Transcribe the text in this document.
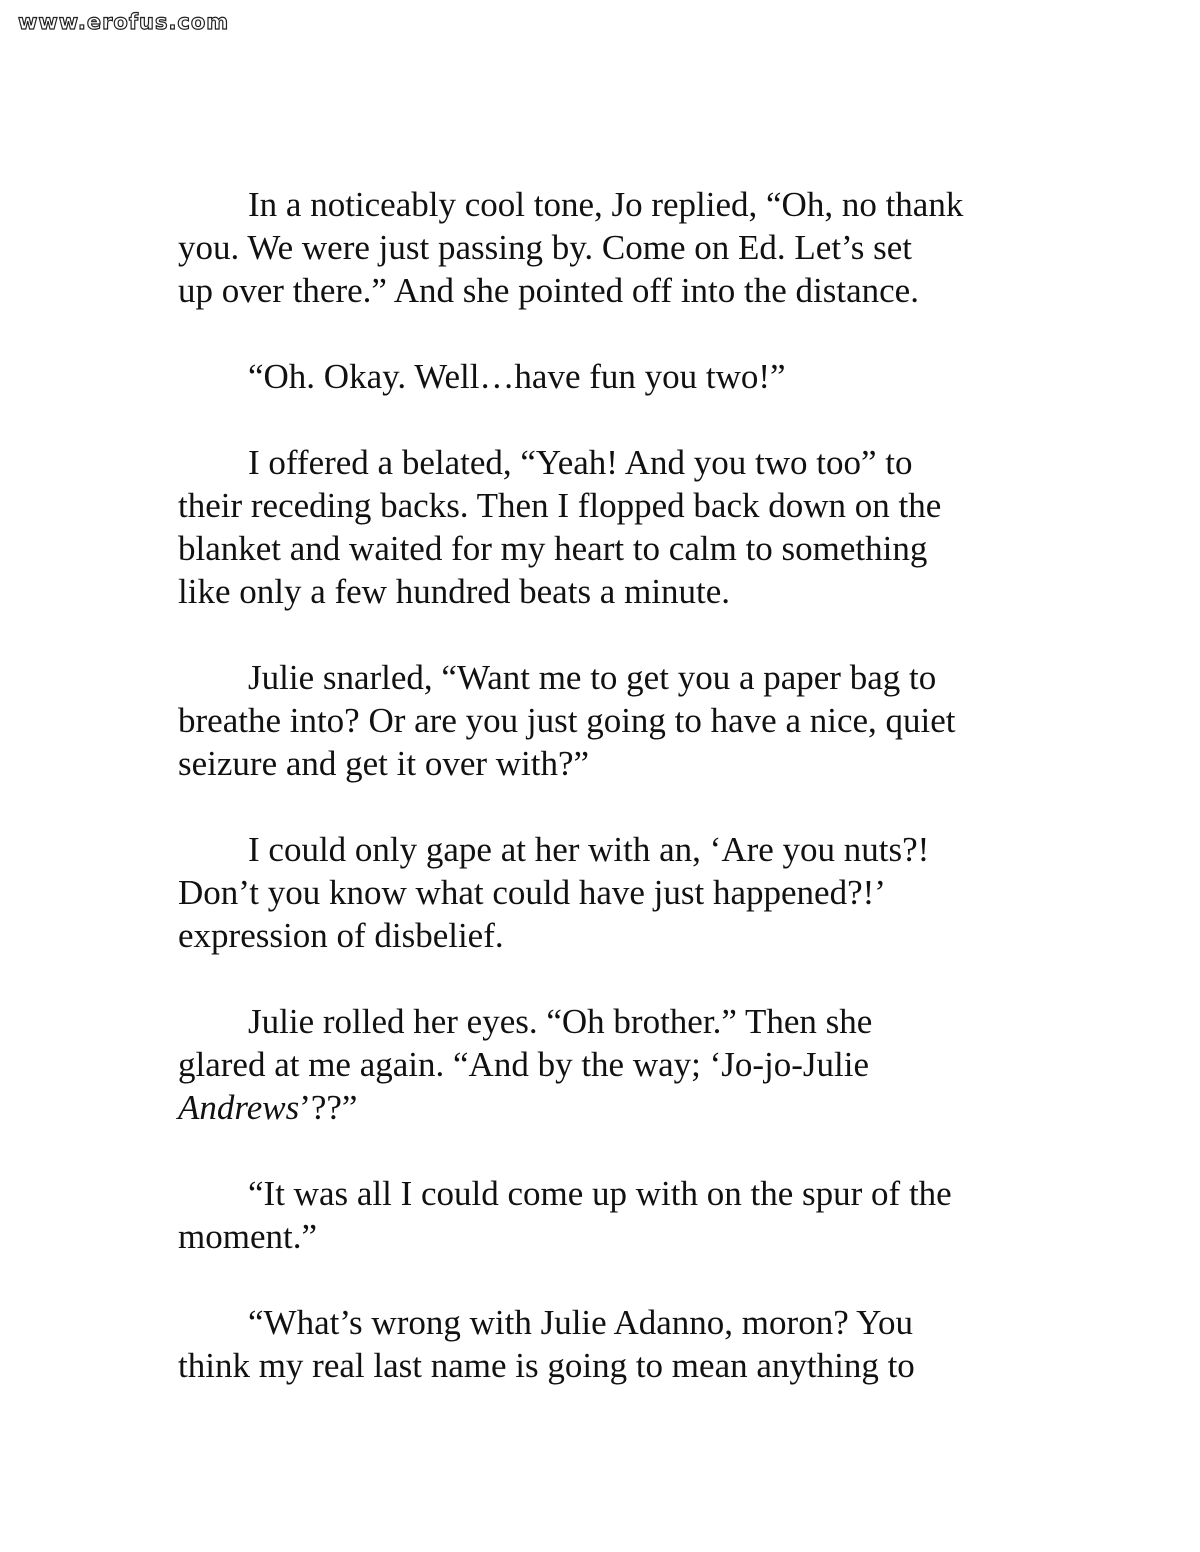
www.erofus.com

In a noticeably cool tone, Jo replied, “Oh, no thank
you. We were just passing by. Come on Ed. Let’s set
up over there.” And she pointed off into the distance.

“Oh. Okay. Well…have fun you two!”

I offered a belated, “Yeah! And you two too” to
their receding backs. Then I flopped back down on the
blanket and waited for my heart to calm to something
like only a few hundred beats a minute.

Julie snarled, “Want me to get you a paper bag to
breathe into? Or are you just going to have a nice, quiet
seizure and get it over with?”

I could only gape at her with an, ‘Are you nuts?!
Don’t you know what could have just happened?!’
expression of disbelief.

Julie rolled her eyes. “Oh brother.” Then she
glared at me again. “And by the way; ‘Jo-jo-Julie
Andrews’??”

“It was all I could come up with on the spur of the
moment.”

“What’s wrong with Julie Adanno, moron? You
think my real last name is going to mean anything to
